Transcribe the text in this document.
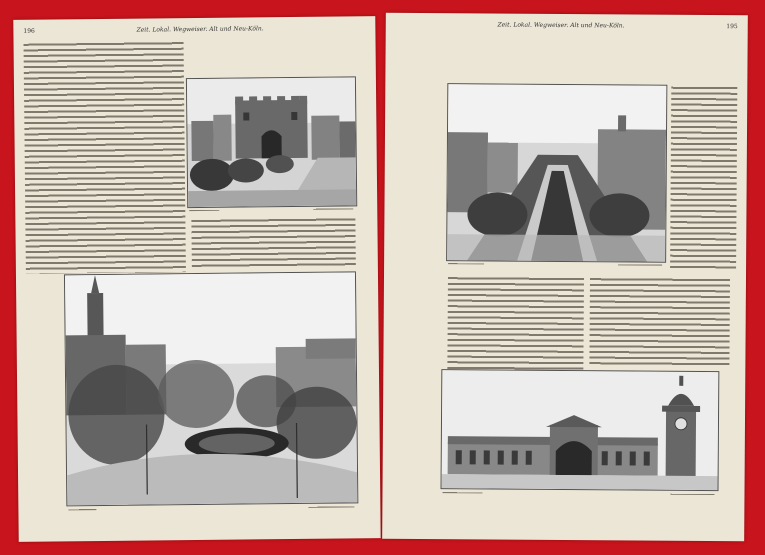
196	Zeit. Lokal. Wegweiser. Alt und Neu-Köln.	Zeit. Lokal. Wegweiser. Alt und Neu-Köln.	195
